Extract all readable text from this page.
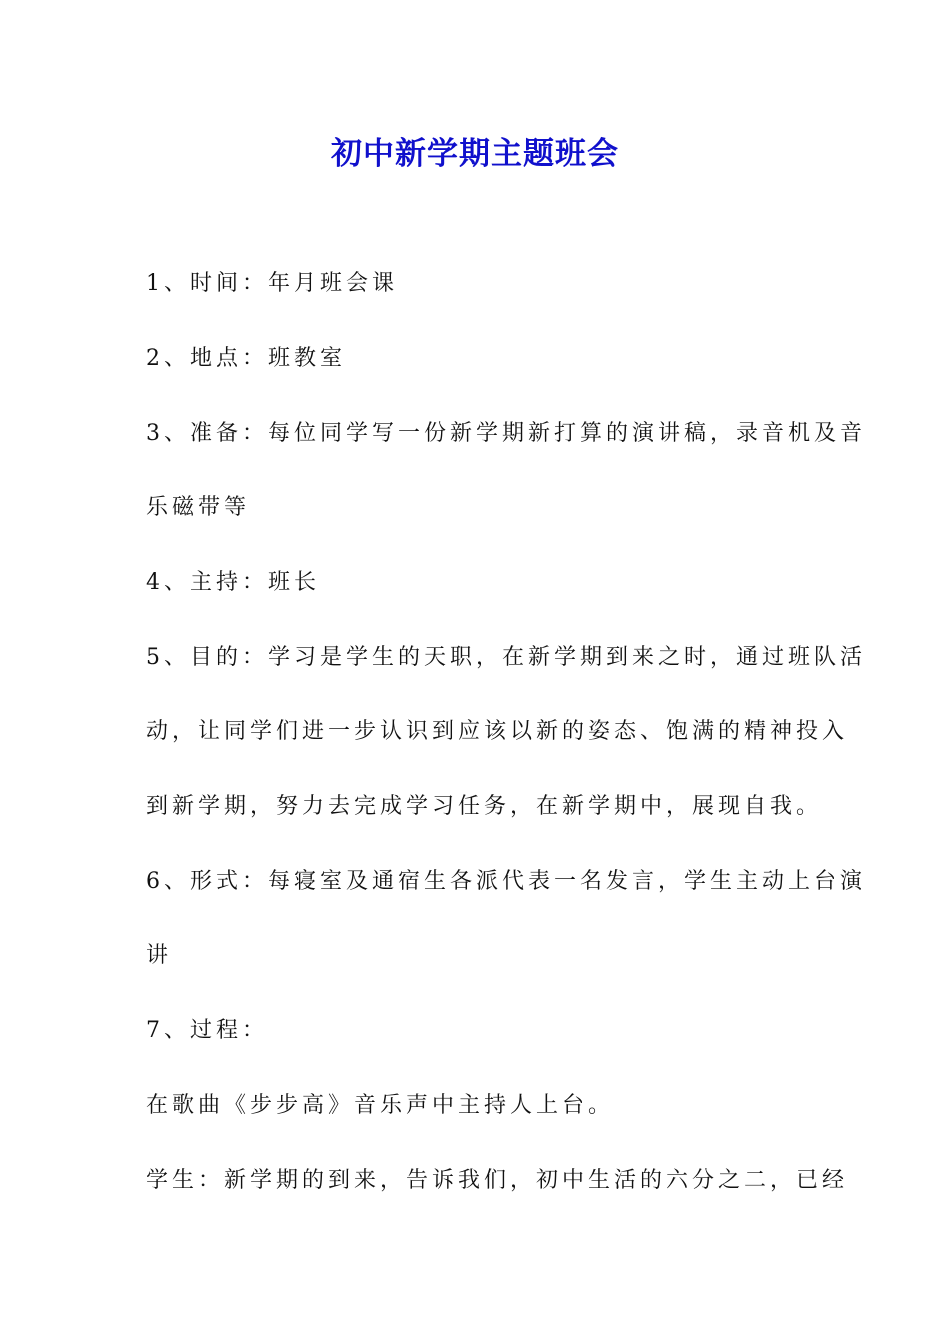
初中新学期主题班会
1、时间：年月班会课
2、地点：班教室
3、准备：每位同学写一份新学期新打算的演讲稿，录音机及音
乐磁带等
4、主持：班长
5、目的：学习是学生的天职，在新学期到来之时，通过班队活
动，让同学们进一步认识到应该以新的姿态、饱满的精神投入
到新学期，努力去完成学习任务，在新学期中，展现自我。
6、形式：每寝室及通宿生各派代表一名发言，学生主动上台演
讲
7、过程：
在歌曲《步步高》音乐声中主持人上台。
学生：新学期的到来，告诉我们，初中生活的六分之二，已经
